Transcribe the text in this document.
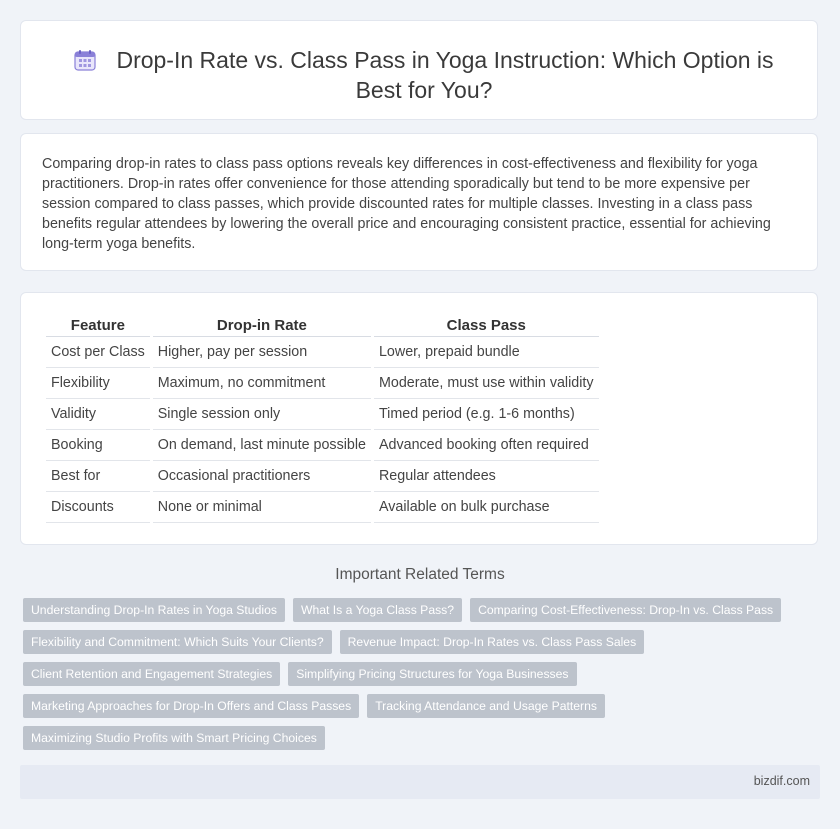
Drop-In Rate vs. Class Pass in Yoga Instruction: Which Option is Best for You?
Comparing drop-in rates to class pass options reveals key differences in cost-effectiveness and flexibility for yoga practitioners. Drop-in rates offer convenience for those attending sporadically but tend to be more expensive per session compared to class passes, which provide discounted rates for multiple classes. Investing in a class pass benefits regular attendees by lowering the overall price and encouraging consistent practice, essential for achieving long-term yoga benefits.
Feature	Drop-in Rate	Class Pass
Cost per Class	Higher, pay per session	Lower, prepaid bundle
Flexibility	Maximum, no commitment	Moderate, must use within validity
Validity	Single session only	Timed period (e.g. 1-6 months)
Booking	On demand, last minute possible	Advanced booking often required
Best for	Occasional practitioners	Regular attendees
Discounts	None or minimal	Available on bulk purchase
Important Related Terms
Understanding Drop-In Rates in Yoga Studios	What Is a Yoga Class Pass?	Comparing Cost-Effectiveness: Drop-In vs. Class Pass
Flexibility and Commitment: Which Suits Your Clients?	Revenue Impact: Drop-In Rates vs. Class Pass Sales
Client Retention and Engagement Strategies	Simplifying Pricing Structures for Yoga Businesses
Marketing Approaches for Drop-In Offers and Class Passes	Tracking Attendance and Usage Patterns
Maximizing Studio Profits with Smart Pricing Choices
bizdif.com
